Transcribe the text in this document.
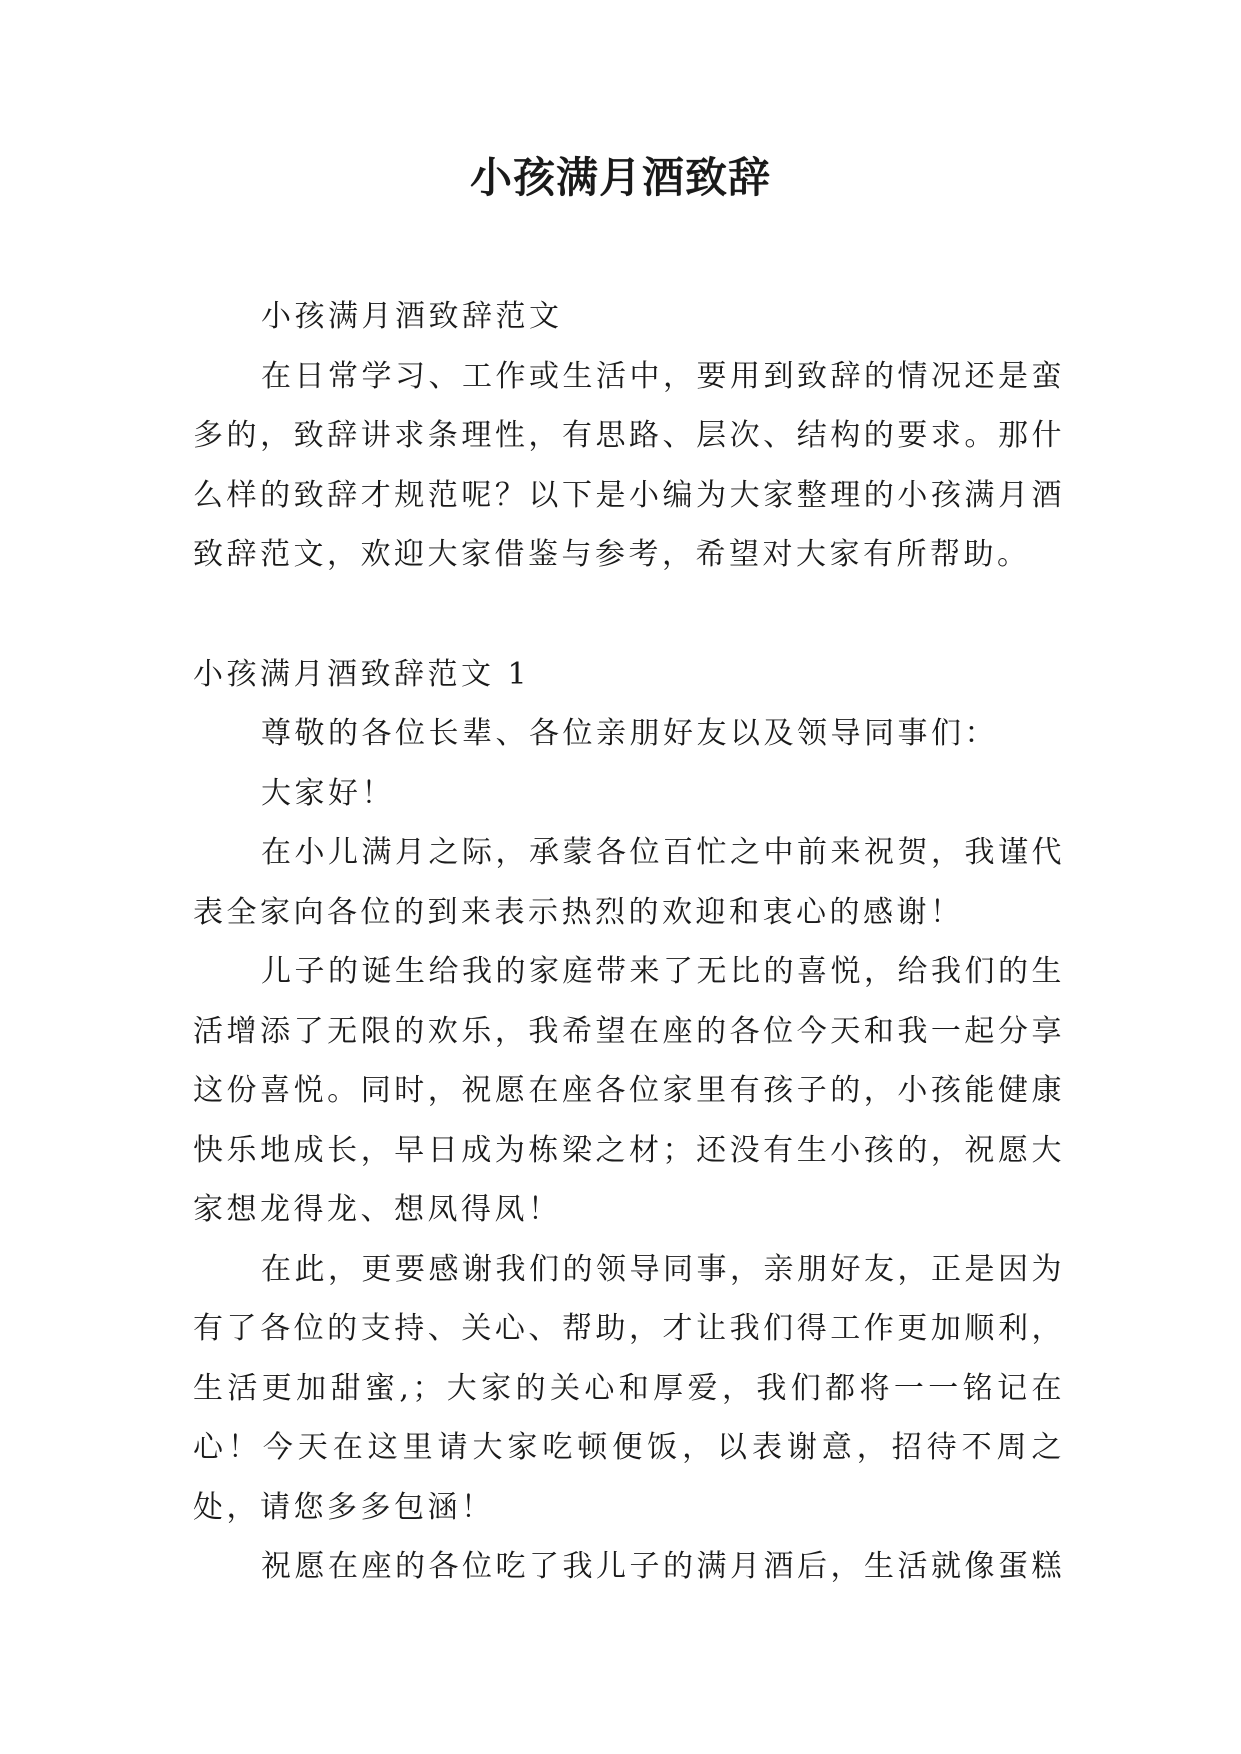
小孩满月酒致辞

小孩满月酒致辞范文

在日常学习、工作或生活中，要用到致辞的情况还是蛮多的，致辞讲求条理性，有思路、层次、结构的要求。那什么样的致辞才规范呢？以下是小编为大家整理的小孩满月酒致辞范文，欢迎大家借鉴与参考，希望对大家有所帮助。

小孩满月酒致辞范文 1

尊敬的各位长辈、各位亲朋好友以及领导同事们：

大家好！

在小儿满月之际，承蒙各位百忙之中前来祝贺，我谨代表全家向各位的到来表示热烈的欢迎和衷心的感谢！

儿子的诞生给我的家庭带来了无比的喜悦，给我们的生活增添了无限的欢乐，我希望在座的各位今天和我一起分享这份喜悦。同时，祝愿在座各位家里有孩子的，小孩能健康快乐地成长，早日成为栋梁之材；还没有生小孩的，祝愿大家想龙得龙、想凤得凤！

在此，更要感谢我们的领导同事，亲朋好友，正是因为有了各位的支持、关心、帮助，才让我们得工作更加顺利，生活更加甜蜜,；大家的关心和厚爱，我们都将一一铭记在心！今天在这里请大家吃顿便饭，以表谢意，招待不周之处，请您多多包涵！

祝愿在座的各位吃了我儿子的满月酒后，生活就像蛋糕
